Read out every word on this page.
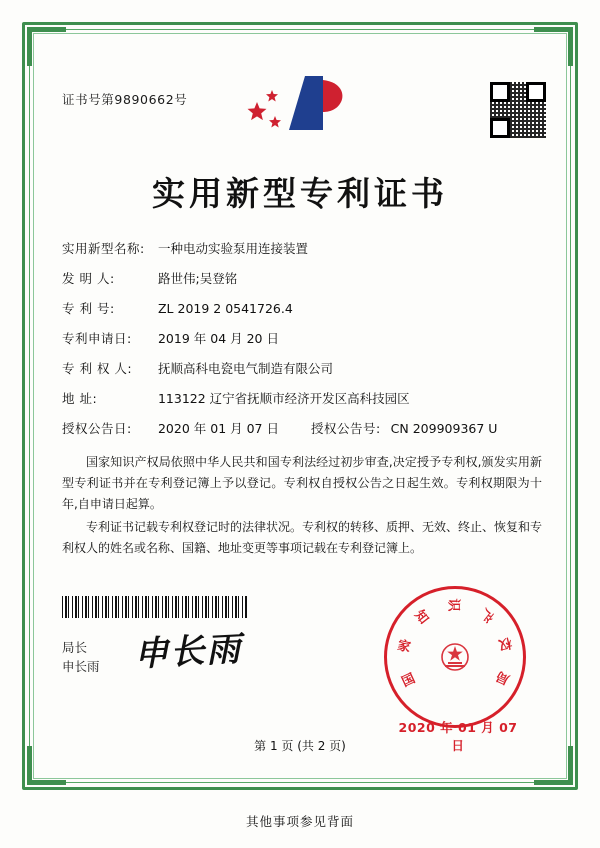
证书号第9890662号
实用新型专利证书
实用新型名称: 一种电动实验泵用连接装置
发 明 人:	路世伟;吴登铭
专 利 号:	ZL 2019 2 0541726.4
专利申请日: 2019 年 04 月 20 日
专 利 权 人: 抚顺高科电瓷电气制造有限公司
地 址:	113122 辽宁省抚顺市经济开发区高科技园区
授权公告日: 2020 年 01 月 07 日	授权公告号: CN 209909367 U

国家知识产权局依照中华人民共和国专利法经过初步审查,决定授予专利权,颁发实用新型专利证书并在专利登记簿上予以登记。专利权自授权公告之日起生效。专利权期限为十年,自申请日起算。

专利证书记载专利权登记时的法律状况。专利权的转移、质押、无效、终止、恢复和专利权人的姓名或名称、国籍、地址变更等事项记载在专利登记簿上。

局长
申长雨 申长雨
国
家
知
识
产
权
局
2020 年 01 月 07 日
第 1 页 (共 2 页)
其他事项参见背面
